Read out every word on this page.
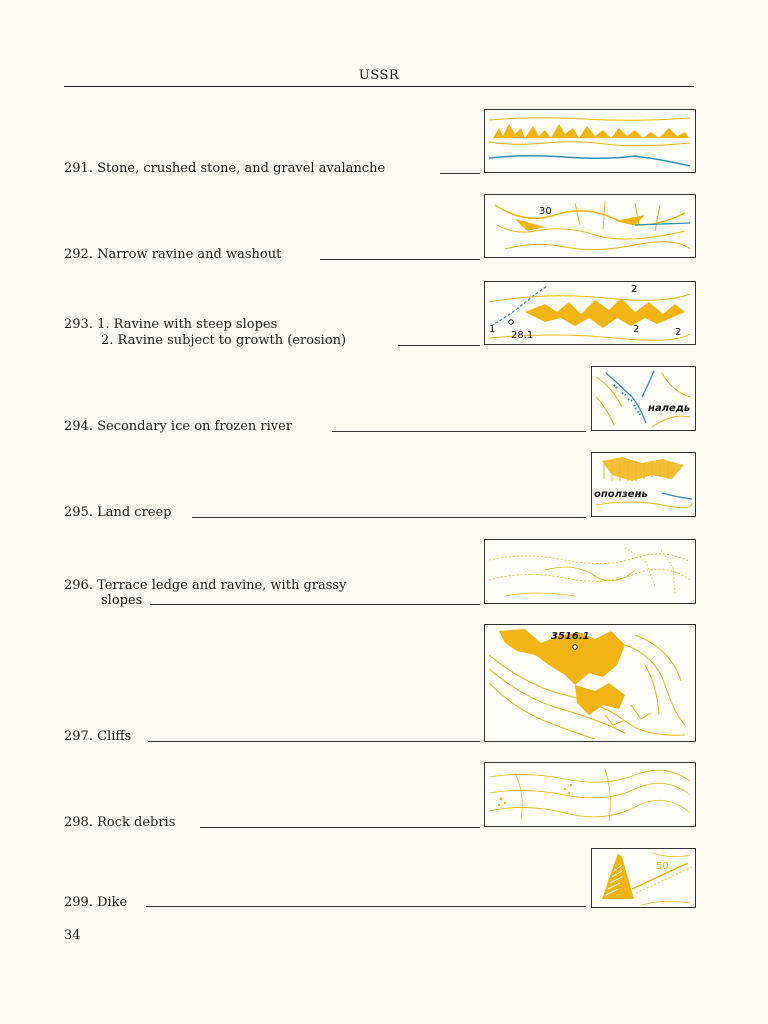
USSR
291. Stone, crushed stone, and gravel avalanche
292. Narrow ravine and washout
30
293. 1. Ravine with steep slopes
2. Ravine subject to growth (erosion)
2
1
28.1
2	2
294. Secondary ice on frozen river
наледь
295. Land creep
оползень
296. Terrace ledge and ravine, with grassy
slopes
297. Cliffs
3516.1
298. Rock debris
299. Dike
50
34
